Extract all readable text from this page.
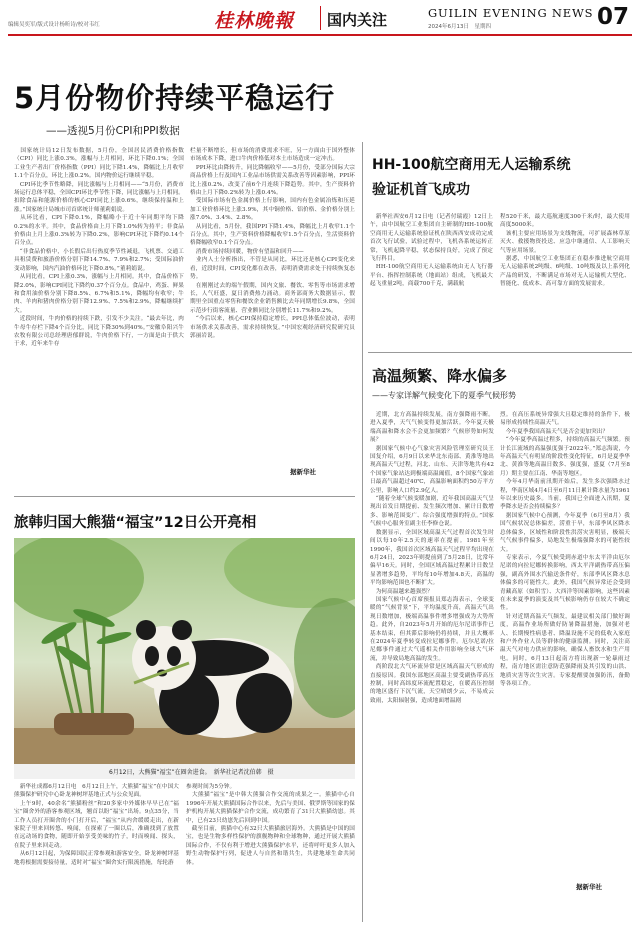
编辑吴奕军/版式设计杨昕诗/校对韦红	桂林晚報 国内关注	GUILIN EVENING NEWS
2024年6月13日　星期四	07
5月份物价持续平稳运行
——透视5月份CPI和PPI数据
　国家统计局12日发布数据，5月份，全国居民消费价格指数（CPI）同比上涨0.3%，涨幅与上月相同，环比下降0.1%；全国工业生产者出厂价格指数（PPI）同比下降1.4%，降幅比上月收窄1.1个百分点，环比上涨0.2%。国内物价运行继续平稳。
　CPI环比季节性略降，同比涨幅与上月相同——“5月份，消费市场运行总体平稳，全国CPI环比季节性下降，同比涨幅与上月相同。扣除食品和能源价格的核心CPI同比上涨0.6%，继续保持温和上涨。”国家统计局城市司首席统计师董莉娟说。
　从环比看，CPI下降0.1%，降幅略小于近十年同期平均下降0.2%的水平。其中，食品价格由上月下降1.0%转为持平；非食品价格由上月上涨0.3%转为下降0.2%，影响CPI环比下降约0.14个百分点。
　“非食品价格中，小长假后出行热度季节性减退，飞机票、交通工具租赁费和旅游价格分别下降14.7%、7.9%和2.7%；受国际油价变动影响，国内汽油价格环比下降0.8%。”董莉娟说。
　从同比看，CPI上涨0.3%，涨幅与上月相同。其中，食品价格下降2.0%，影响CPI同比下降约0.37个百分点。食品中，鸡蛋、鲜果和食用油价格分别下降8.5%、6.7%和5.1%，降幅均有收窄；牛肉、羊肉和猪肉价格分别下降12.9%、7.5%和2.9%，降幅继续扩大。
　近段时间，牛肉价格的持续下跌，引发不少关注。“最去年比，肉牛母牛存栏下降4个百分比，同比下降30%到40%。”安徽阜阳兴牛农牧有限公司总经理唐郁群说，牛肉价格下行，一方面是由于供大于求，近年来牛存
栏量不断增长，但市场的消费需求不旺，另一方面由于国外整体市场成本下降，进口牛肉价格低对本土市场造成一定冲击。
　PPI环比由降转升，同比降幅收窄——5月份，受部分国际大宗商品价格上行及国内工业品市场供需关系改善等因素影响，PPI环比上涨0.2%，改变了前6个月连续下降趋势。其中，生产资料价格由上月下降0.2%转为上涨0.4%。
　受国际市场有色金属价格上行影响，国内有色金属冶炼和压延加工业价格环比上涨3.9%，其中铜价格、铝价格、金价格分别上涨7.0%、3.4%、2.8%。
　从同比看，5月份，我国PPI下降1.4%，降幅比上月收窄1.1个百分点。其中，生产资料价格降幅收窄1.5个百分点，生活资料价格降幅收窄0.1个百分点。
　消费市场持续回暖，物价有望温和回升——
　业内人士分析指出，不管是从同比，环比还是核心CPI变化来看，近段时间，CPI变化都在改善，表明消费需求处于持续恢复态势。
　在刚刚过去的端午假期，国内文旅、餐饮、零售等市场需求增长，人气旺盛，夏日消费热力涌动。商务部商务大数据显示，假期里全国重点零售和餐饮企业销售额比去年同期增长9.8%，全国示范步行街客流量、营业额同比分别增长11.7%和9.2%。
　“今后以来，核心CPI保持稳定增长，PPI总体低位波动，表明市场供求关系改善，需求持续恢复。”中国宏观经济研究院研究员郭丽岩说。
据新华社
HH-100航空商用无人运输系统
验证机首飞成功
　新华社西安6月12日电（记者付瑞霞）12日上午，由中国航空工业集团自主研制的HH-100航空商用无人运输系统验证机在陕西西安成功完成首次飞行试验，试验过程中，飞机各系统运转正常，飞机起降平稳，状态保持良好，完成了预定飞行科目。
　HH-100航空商用无人运输系统由无人飞行器平台、指挥控制系统（地面站）组成，飞机最大起飞重量2吨，商载700千克，满载航
程520千米，最大巡航速度300千米/时，最大使用高度5000米。
　该机主要应用场景为支线物流，可扩展森林草原灭火、救援物资投送、应急中继通信、人工影响天气等应用场景。
　据悉，中国航空工业集团正在稳步推进航空商用无人运输系统2吨级、6吨级、10吨级及以上系列化产品的研发，不断满足市场对无人运输机大型化、智能化、低成本、高可靠方面的发展需求。
高温频繁、降水偏多
——专家详解气候变化下的夏季气候形势
　近期，北方高温持续发展，南方强降雨不断。进入夏季，天气气候变得更加活跃。今年夏天极端高温和降水会不会更加频繁？气候形势如何发展？
　据国家气候中心气象灾害风险管理室研究员王国复介绍，6月9日以来华北东南部、黄淮等地出现高温天气过程，河北、山东、天津等地共有42个国家气象站达到极端高温阈值，8个国家气象站日最高气温超过40℃，高温影响面积约50万平方公里，影响人口约2.9亿人。
　“随着全球气候变暖加剧，近年我国高温天气呈现出首发日期提前、发生频次增加、累计日数增多、影响范围变广、综合强度增强的特点。”国家气候中心服务室副主任李修仓说。
　数据显示，全国区域高温天气过程首次发生时间以每10年2.5天的速率在提前。1981年至1990年，我国首次区域高温天气过程平均出现在6月24日，2023年则提前到了5月28日，比常年偏早16天。同时，全国区域高温过程累计日数呈显著增多趋势，平均每10年增加4.8天，高温的平均影响范围也不断扩大。
　为何高温越来越强烈？
　国家气候中心首席预报员郑志海表示，全球变暖的“气候背景”下，平均温度升高，高温天气出现日数增加，极端高温事件增多增强成为大势所趋。此外，自2023年5月开始的厄尔尼诺事件已基本结束，但其滞后影响仍将持续，并且大概率在2024年夏季转变成拉尼娜事件。厄尔尼诺/拉尼娜事件通过大气遥相关作用影响全球大气环流，并导致局地高温的发生。
　尚阶段北大气环流异常是区域高温天气形成的直接原因。我国东部地区高温主要受副热带高压控制，同时高纬度环流配置稳定，在暖高压控制的地区盛行下沉气流，天空晴朗少云，不易成云致雨，太阳辐射强，造成地面增温剧
烈。在高压系统异常强大且稳定维持的条件下，极易形成持续性高温天气。
　今年夏季我国高温天气是否会更加突出？
　“今年夏季高温过程多，持续的高温天气频繁。预计长江流域的高温强度强于2022年。”郑志海说，今年高温天气有明显的阶段性变化特征，6月是夏季华北、黄淮等地高温日数多、强度强，盛夏（7月至8月）期主要在江南、华南等地区。
　今年4月华南前汛期开始后，发生多次强降水过程，华南区域4月4日至6月11日累计降水量为1961年以来历史最多。当前，我国已全面进入汛期，夏季降水是否会持续偏多？
　据国家气候中心预测，今年夏季（6月至8月）我国气候状况总体偏差，涝重于旱，东部季风区降水总体偏多，区域性和阶段性洪涝灾害明显，极端天气气候事件偏多，局地发生极端强降水的可能性较大。
　专家表示，今夏气候受到赤道中东太平洋由厄尔尼诺的向拉尼娜转换影响，西太平洋副热带高压偏强，副高外围水汽输送条件好，东部季风区降水总体偏多的可能性大。此外，我国气候异常还会受到青藏高原（如积雪）、大西洋等因素影响，这些因素在未来夏季的演变及其气候影响仍存在较大不确定性。
　针对近期高温天气频发，最建议相关部门做好调度，高温作业场所做好防暑降温措施，加强对老人、长期慢性病患者、降温设施不足的低收入家庭和户外作业人员等群体的健康监测。同时，关注高温天气对电力供应的影响，确保人畜饮水和生产用电。同时，6月13日起南方将出现新一轮暴雨过程，南方地区需注意防范强降雨及其引发的山洪、地质灾害等次生灾害。专家提醒要加强防汛，备勤等各项工作。
据新华社
旅韩归国大熊猫“福宝”12日公开亮相
6月12日，大熊猫“福宝”在圈舍进食。　新华社记者沈伯韩　摄
　新华社成都6月12日电　6月12日上午，大熊猫“福宝”在中国大熊猫保护研究中心卧龙神树坪基地正式与公众见面。
　上午9时，40余名“熊猫粉丝”和20多家中外媒体早早已在“福宝”圈舍外的游客参观区域，翘首以盼“福宝”出场。9点35分，当工作人员打开圈舍的小门打开后，“福宝”从内舍缓缓走出，在新家院子里来回转悠、嗅闻，在探索了一圈以后，准确找到了放置在远动场的食物，随即开始享受美味的竹子，时而嗅闻、探头，在院子里来回走动。
　从6月12日起，为保障国民正常参观和游客安全，卧龙神树坪基地将根据需要接待量，适时对“福宝”圈舍实行限流措施，每轮游
参观时间为5分钟。
　大熊猫“福宝”是中韩大熊猫合作交流的成果之一。熊猫中心自1996年开展大熊猫国际合作以来，先后与美国、俄罗斯等国家的保护机构开展大熊猫保护合作交流，成功繁育了31只大熊猫幼崽。其中，已有23只幼崽先后回到中国。
　截至目前，熊猫中心有32只大熊猫旅居海外。大熊猫是中国的国宝，也是生物多样性保护的旗舰物种和全球物种，通过开展大熊猫国际合作，不仅有利于增进大熊猫保护水平，还将呼吁更多人加入野生动物保护行列，促进人与自然和谐共生，共建地球生命共同体。
